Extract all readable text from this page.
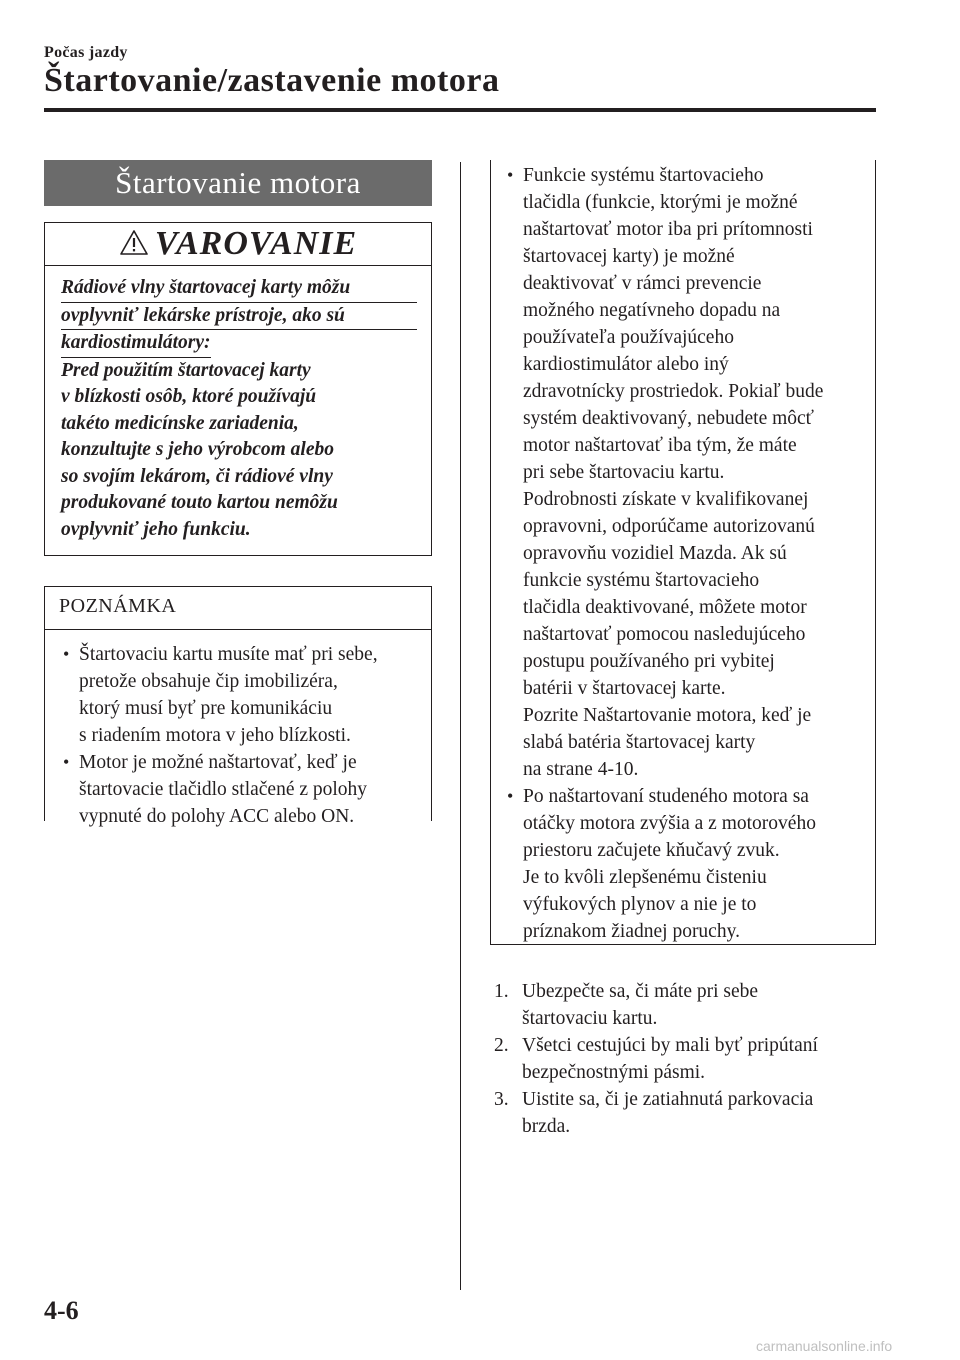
Počas jazdy
Štartovanie/zastavenie motora
Štartovanie motora
VAROVANIE
Rádiové vlny štartovacej karty môžu
ovplyvniť lekárske prístroje, ako sú
kardiostimulátory:
Pred použitím štartovacej karty
v blízkosti osôb, ktoré používajú
takéto medicínske zariadenia,
konzultujte s jeho výrobcom alebo
so svojím lekárom, či rádiové vlny
produkované touto kartou nemôžu
ovplyvniť jeho funkciu.
POZNÁMKA
• Štartovaciu kartu musíte mať pri sebe,
pretože obsahuje čip imobilizéra,
ktorý musí byť pre komunikáciu
s riadením motora v jeho blízkosti.
• Motor je možné naštartovať, keď je
štartovacie tlačidlo stlačené z polohy
vypnuté do polohy ACC alebo ON.
• Funkcie systému štartovacieho
tlačidla (funkcie, ktorými je možné
naštartovať motor iba pri prítomnosti
štartovacej karty) je možné
deaktivovať v rámci prevencie
možného negatívneho dopadu na
používateľa používajúceho
kardiostimulátor alebo iný
zdravotnícky prostriedok. Pokiaľ bude
systém deaktivovaný, nebudete môcť
motor naštartovať iba tým, že máte
pri sebe štartovaciu kartu.
Podrobnosti získate v kvalifikovanej
opravovni, odporúčame autorizovanú
opravovňu vozidiel Mazda. Ak sú
funkcie systému štartovacieho
tlačidla deaktivované, môžete motor
naštartovať pomocou nasledujúceho
postupu používaného pri vybitej
batérii v štartovacej karte.
Pozrite Naštartovanie motora, keď je
slabá batéria štartovacej karty
na strane 4-10.
• Po naštartovaní studeného motora sa
otáčky motora zvýšia a z motorového
priestoru začujete kňučavý zvuk.
Je to kvôli zlepšenému čisteniu
výfukových plynov a nie je to
príznakom žiadnej poruchy.
1. Ubezpečte sa, či máte pri sebe
štartovaciu kartu.
2. Všetci cestujúci by mali byť pripútaní
bezpečnostnými pásmi.
3. Uistite sa, či je zatiahnutá parkovacia
brzda.
4-6
carmanualsonline.info
